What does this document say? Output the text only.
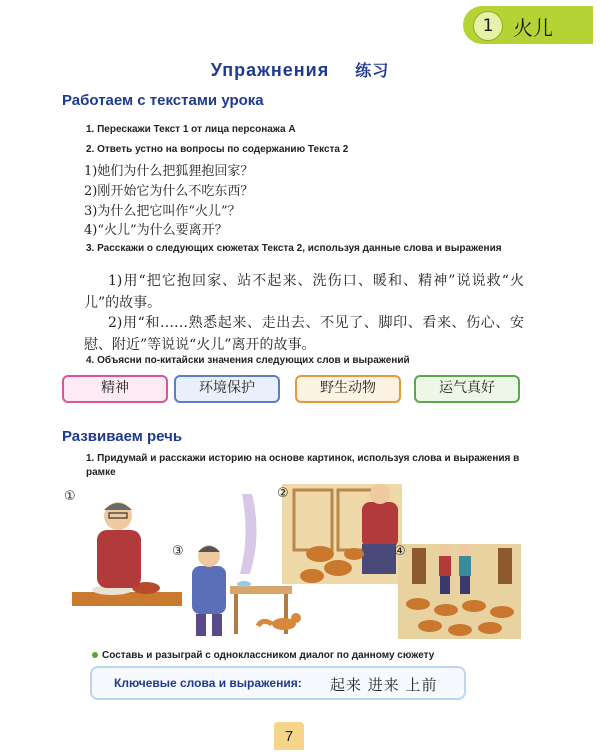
1 火儿
Упражнения 练习
Работаем с текстами урока
1. Перескажи Текст 1 от лица персонажа А
2. Ответь устно на вопросы по содержанию Текста 2
1)她们为什么把狐狸抱回家？
2)刚开始它为什么不吃东西？
3)为什么把它叫作“火儿”？
4)“火儿”为什么要离开？
3. Расскажи о следующих сюжетах Текста 2, используя данные слова и выражения
1)用“把它抱回家、站不起来、洗伤口、暖和、精神”说说救“火儿”的故事。
2)用“和……熟悉起来、走出去、不见了、脚印、看来、伤心、安慰、附近”等说说“火儿”离开的故事。
4. Объясни по-китайски значения следующих слов и выражений
精神	环境保护	野生动物	运气真好
Развиваем речь
1. Придумай и расскажи историю на основе картинок, используя слова и выражения в рамке
①	②
③	④
Составь и разыграй с одноклассником диалог по данному сюжету
Ключевые слова и выражения: 起来 进来 上前
7
